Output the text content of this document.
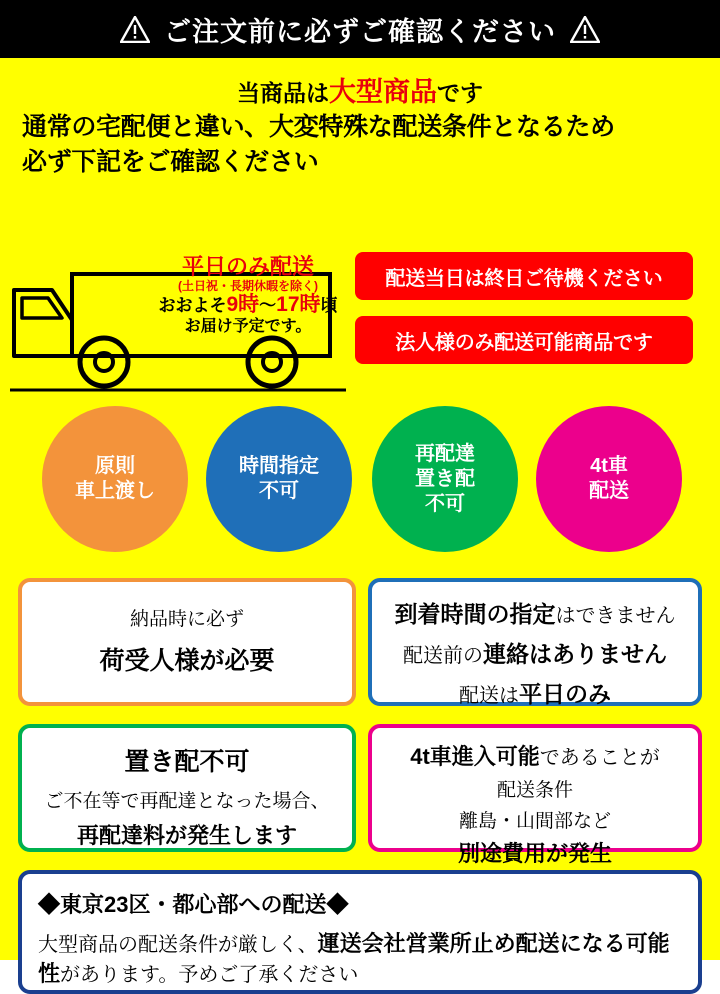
ご注文前に必ずご確認ください
当商品は大型商品です
通常の宅配便と違い、大変特殊な配送条件となるため
必ず下記をご確認ください
平日のみ配送
(土日祝・長期休暇を除く)
おおよそ9時〜17時頃
お届け予定です。
配送当日は終日ご待機ください
法人様のみ配送可能商品です
原則
車上渡し
時間指定
不可
再配達
置き配
不可
4t車
配送
納品時に必ず
荷受人様が必要
到着時間の指定はできません
配送前の連絡はありません
配送は平日のみ
置き配不可
ご不在等で再配達となった場合、
再配達料が発生します
4t車進入可能であることが
配送条件
離島・山間部など
別途費用が発生
◆東京23区・都心部への配送◆
大型商品の配送条件が厳しく、運送会社営業所止め配送になる可能性があります。予めご了承ください
